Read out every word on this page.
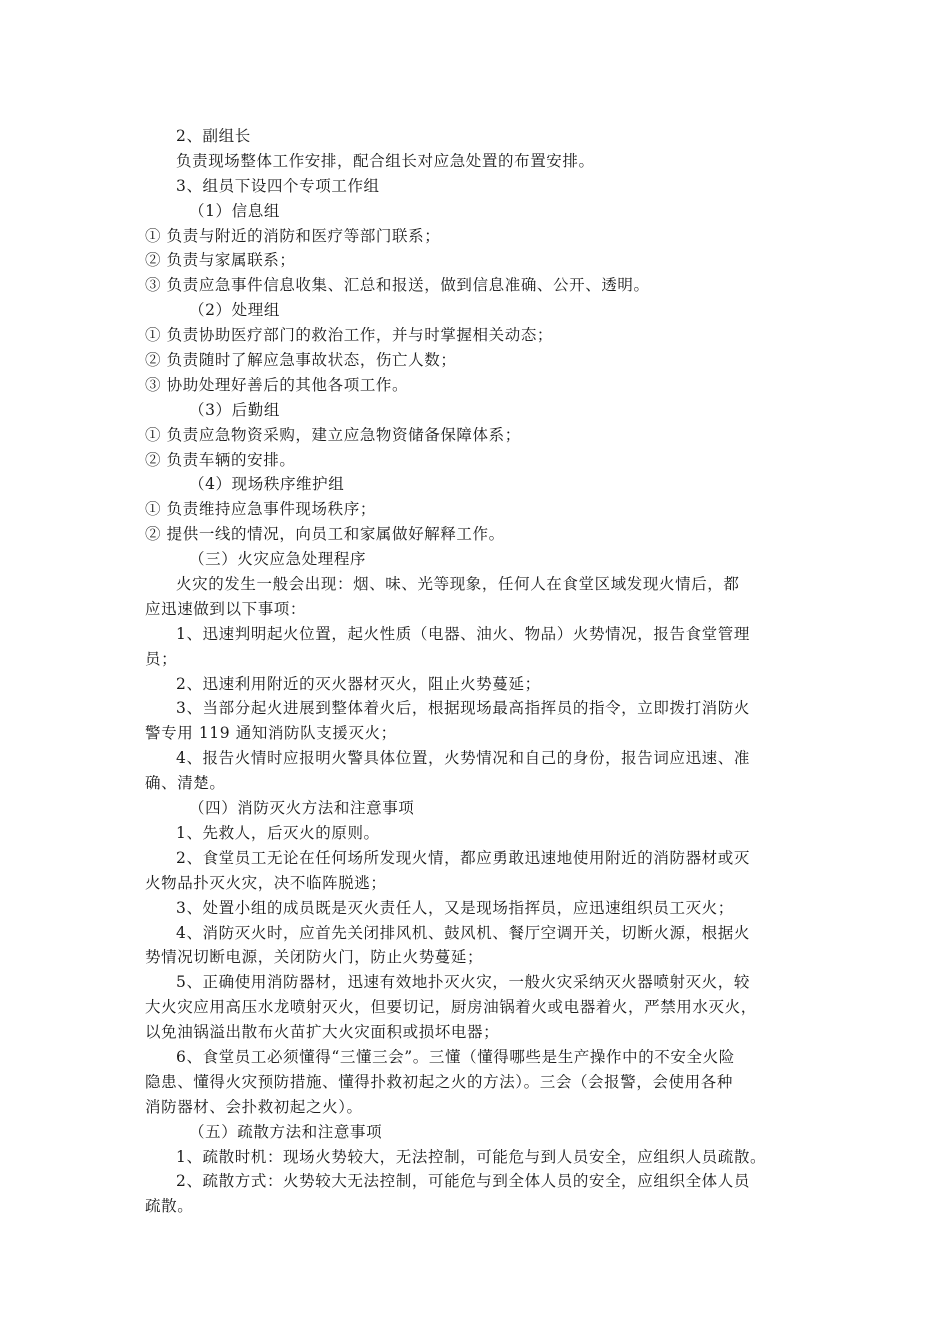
2、副组长
负责现场整体工作安排，配合组长对应急处置的布置安排。
3、组员下设四个专项工作组
（1）信息组
① 负责与附近的消防和医疗等部门联系；
② 负责与家属联系；
③ 负责应急事件信息收集、汇总和报送，做到信息准确、公开、透明。
（2）处理组
① 负责协助医疗部门的救治工作，并与时掌握相关动态；
② 负责随时了解应急事故状态，伤亡人数；
③ 协助处理好善后的其他各项工作。
（3）后勤组
① 负责应急物资采购，建立应急物资储备保障体系；
② 负责车辆的安排。
（4）现场秩序维护组
① 负责维持应急事件现场秩序；
② 提供一线的情况，向员工和家属做好解释工作。
（三）火灾应急处理程序
火灾的发生一般会出现：烟、味、光等现象，任何人在食堂区域发现火情后，都
应迅速做到以下事项：
1、迅速判明起火位置，起火性质（电器、油火、物品）火势情况，报告食堂管理
员；
2、迅速利用附近的灭火器材灭火，阻止火势蔓延；
3、当部分起火进展到整体着火后，根据现场最高指挥员的指令，立即拨打消防火
警专用 119 通知消防队支援灭火；
4、报告火情时应报明火警具体位置，火势情况和自己的身份，报告词应迅速、准
确、清楚。
（四）消防灭火方法和注意事项
1、先救人，后灭火的原则。
2、食堂员工无论在任何场所发现火情，都应勇敢迅速地使用附近的消防器材或灭
火物品扑灭火灾，决不临阵脱逃；
3、处置小组的成员既是灭火责任人，又是现场指挥员，应迅速组织员工灭火；
4、消防灭火时，应首先关闭排风机、鼓风机、餐厅空调开关，切断火源，根据火
势情况切断电源，关闭防火门，防止火势蔓延；
5、正确使用消防器材，迅速有效地扑灭火灾，一般火灾采纳灭火器喷射灭火，较
大火灾应用高压水龙喷射灭火，但要切记，厨房油锅着火或电器着火，严禁用水灭火，
以免油锅溢出散布火苗扩大火灾面积或损坏电器；
6、食堂员工必须懂得“三懂三会”。三懂（懂得哪些是生产操作中的不安全火险
隐患、懂得火灾预防措施、懂得扑救初起之火的方法）。三会（会报警，会使用各种
消防器材、会扑救初起之火）。
（五）疏散方法和注意事项
1、疏散时机：现场火势较大，无法控制，可能危与到人员安全，应组织人员疏散。
2、疏散方式：火势较大无法控制，可能危与到全体人员的安全，应组织全体人员
疏散。
